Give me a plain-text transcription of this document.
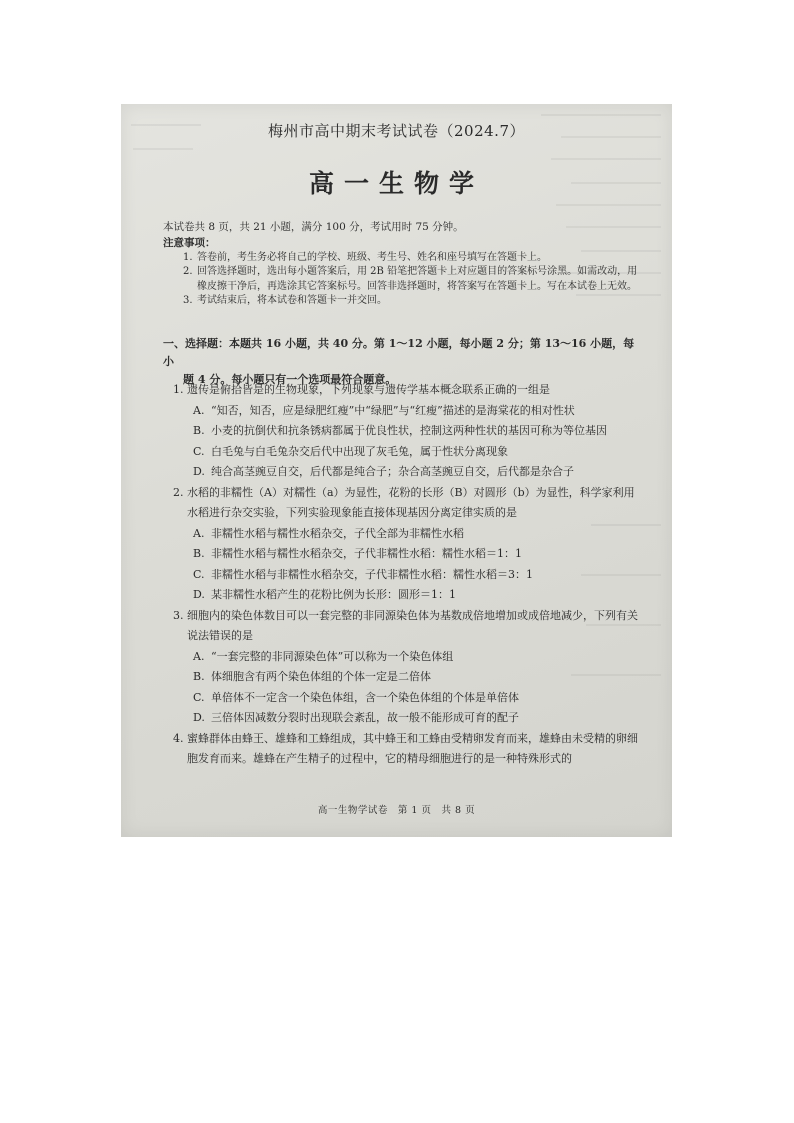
梅州市高中期末考试试卷（2024.7）
高一生物学
本试卷共 8 页，共 21 小题，满分 100 分，考试用时 75 分钟。
注意事项：
1. 答卷前，考生务必将自己的学校、班级、考生号、姓名和座号填写在答题卡上。
2. 回答选择题时，选出每小题答案后，用 2B 铅笔把答题卡上对应题目的答案标号涂黑。如需改动，用橡皮擦干净后，再选涂其它答案标号。回答非选择题时，将答案写在答题卡上。写在本试卷上无效。
3. 考试结束后，将本试卷和答题卡一并交回。
一、选择题：本题共 16 小题，共 40 分。第 1～12 小题，每小题 2 分；第 13～16 小题，每小
题 4 分。每小题只有一个选项最符合题意。
1. 遗传是俯拾皆是的生物现象，下列现象与遗传学基本概念联系正确的一组是
A. “知否，知否，应是绿肥红瘦”中“绿肥”与“红瘦”描述的是海棠花的相对性状
B. 小麦的抗倒伏和抗条锈病都属于优良性状，控制这两种性状的基因可称为等位基因
C. 白毛兔与白毛兔杂交后代中出现了灰毛兔，属于性状分离现象
D. 纯合高茎豌豆自交，后代都是纯合子；杂合高茎豌豆自交，后代都是杂合子
2. 水稻的非糯性（A）对糯性（a）为显性，花粉的长形（B）对圆形（b）为显性，科学家利用水稻进行杂交实验，下列实验现象能直接体现基因分离定律实质的是
A. 非糯性水稻与糯性水稻杂交，子代全部为非糯性水稻
B. 非糯性水稻与糯性水稻杂交，子代非糯性水稻：糯性水稻＝1：1
C. 非糯性水稻与非糯性水稻杂交，子代非糯性水稻：糯性水稻＝3：1
D. 某非糯性水稻产生的花粉比例为长形：圆形＝1：1
3. 细胞内的染色体数目可以一套完整的非同源染色体为基数成倍地增加或成倍地减少，下列有关说法错误的是
A. “一套完整的非同源染色体”可以称为一个染色体组
B. 体细胞含有两个染色体组的个体一定是二倍体
C. 单倍体不一定含一个染色体组，含一个染色体组的个体是单倍体
D. 三倍体因减数分裂时出现联会紊乱，故一般不能形成可育的配子
4. 蜜蜂群体由蜂王、雄蜂和工蜂组成，其中蜂王和工蜂由受精卵发育而来，雄蜂由未受精的卵细胞发育而来。雄蜂在产生精子的过程中，它的精母细胞进行的是一种特殊形式的
高一生物学试卷　第 1 页　共 8 页
